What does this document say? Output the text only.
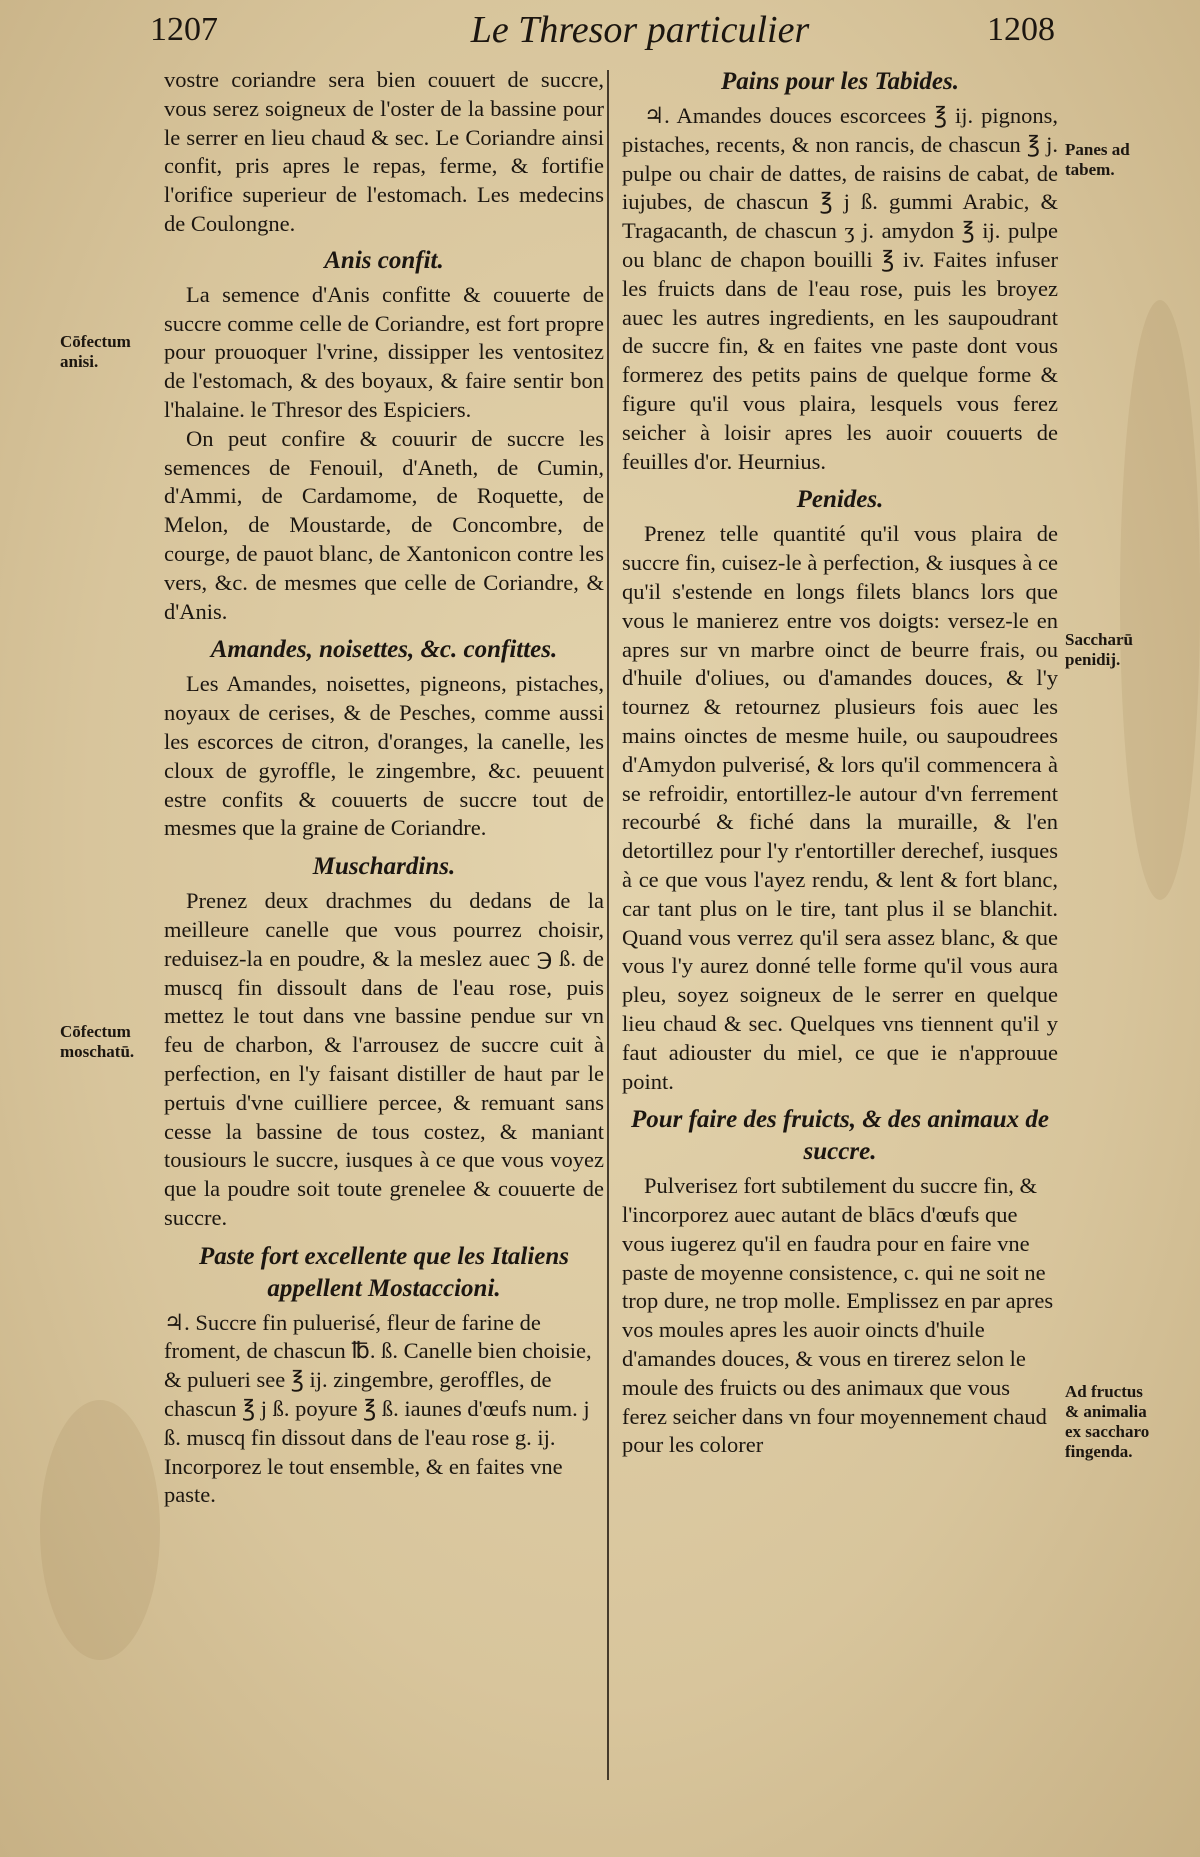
1207	Le Thresor particulier	1208

vostre coriandre sera bien couuert de succre, vous serez soigneux de l'oster de la bassine pour le serrer en lieu chaud & sec. Le Coriandre ainsi confit, pris apres le repas, ferme, & fortifie l'orifice superieur de l'estomach. Les medecins de Coulongne.

Anis confit.

La semence d'Anis confitte & couuerte de succre comme celle de Coriandre, est fort propre pour prouoquer l'vrine, dissipper les ventositez de l'estomach, & des boyaux, & faire sentir bon l'halaine. le Thresor des Espiciers.

On peut confire & couurir de succre les semences de Fenouil, d'Aneth, de Cumin, d'Ammi, de Cardamome, de Roquette, de Melon, de Moustarde, de Concombre, de courge, de pauot blanc, de Xantonicon contre les vers, &c. de mesmes que celle de Coriandre, & d'Anis.

Amandes, noisettes, &c. confittes.

Les Amandes, noisettes, pigneons, pistaches, noyaux de cerises, & de Pesches, comme aussi les escorces de citron, d'oranges, la canelle, les cloux de gyroffle, le zingembre, &c. peuuent estre confits & couuerts de succre tout de mesmes que la graine de Coriandre.

Muschardins.

Prenez deux drachmes du dedans de la meilleure canelle que vous pourrez choisir, reduisez-la en poudre, & la meslez auec ℈ ß. de muscq fin dissoult dans de l'eau rose, puis mettez le tout dans vne bassine pendue sur vn feu de charbon, & l'arrousez de succre cuit à perfection, en l'y faisant distiller de haut par le pertuis d'vne cuilliere percee, & remuant sans cesse la bassine de tous costez, & maniant tousiours le succre, iusques à ce que vous voyez que la poudre soit toute grenelee & couuerte de succre.

Paste fort excellente que les Italiens appellent Mostaccioni.

♃. Succre fin puluerisé, fleur de farine de froment, de chascun ℔. ß. Canelle bien choisie, & pulueri see ℥ ij. zingembre, geroffles, de chascun ℥ j ß. poyure ℥ ß. iaunes d'œufs num. j ß. muscq fin dissout dans de l'eau rose g. ij. Incorporez le tout ensemble, & en faites vne paste.

Pains pour les Tabides.

♃. Amandes douces escorcees ℥ ij. pignons, pistaches, recents, & non rancis, de chascun ℥ j. pulpe ou chair de dattes, de raisins de cabat, de iujubes, de chascun ℥ j ß. gummi Arabic, & Tragacanth, de chascun ʒ j. amydon ℥ ij. pulpe ou blanc de chapon bouilli ℥ iv. Faites infuser les fruicts dans de l'eau rose, puis les broyez auec les autres ingredients, en les saupoudrant de succre fin, & en faites vne paste dont vous formerez des petits pains de quelque forme & figure qu'il vous plaira, lesquels vous ferez seicher à loisir apres les auoir couuerts de feuilles d'or. Heurnius.

Penides.

Prenez telle quantité qu'il vous plaira de succre fin, cuisez-le à perfection, & iusques à ce qu'il s'estende en longs filets blancs lors que vous le manierez entre vos doigts: versez-le en apres sur vn marbre oinct de beurre frais, ou d'huile d'oliues, ou d'amandes douces, & l'y tournez & retournez plusieurs fois auec les mains oinctes de mesme huile, ou saupoudrees d'Amydon pulverisé, & lors qu'il commencera à se refroidir, entortillez-le autour d'vn ferrement recourbé & fiché dans la muraille, & l'en detortillez pour l'y r'entortiller derechef, iusques à ce que vous l'ayez rendu, & lent & fort blanc, car tant plus on le tire, tant plus il se blanchit. Quand vous verrez qu'il sera assez blanc, & que vous l'y aurez donné telle forme qu'il vous aura pleu, soyez soigneux de le serrer en quelque lieu chaud & sec. Quelques vns tiennent qu'il y faut adiouster du miel, ce que ie n'approuue point.

Pour faire des fruicts, & des animaux de succre.

Pulverisez fort subtilement du succre fin, & l'incorporez auec autant de blācs d'œufs que vous iugerez qu'il en faudra pour en faire vne paste de moyenne consistence, c. qui ne soit ne trop dure, ne trop molle. Emplissez en par apres vos moules apres les auoir oincts d'huile d'amandes douces, & vous en tirerez selon le moule des fruicts ou des animaux que vous ferez seicher dans vn four moyennement chaud pour les colorer

Cōfectum anisi.
Cōfectum moschatū.
Panes ad tabem.
Saccharū penidij.
Ad fructus & animalia ex saccharo fingenda.
